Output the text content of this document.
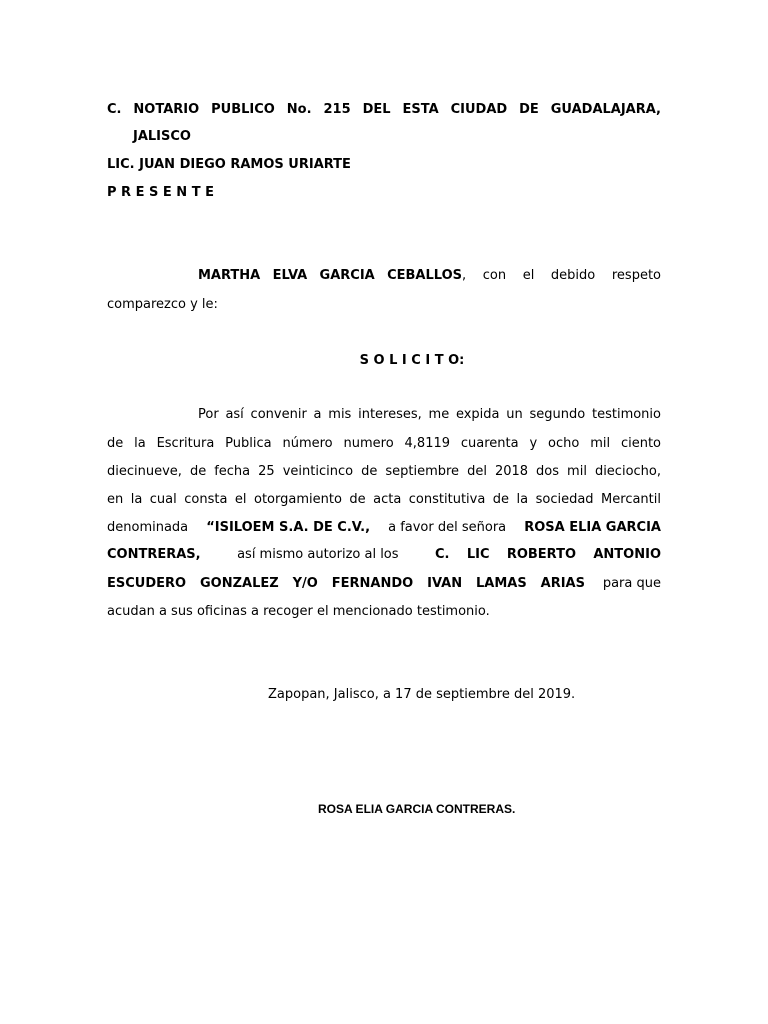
C. NOTARIO PUBLICO No. 215 DEL ESTA CIUDAD DE GUADALAJARA,
JALISCO
LIC. JUAN DIEGO RAMOS URIARTE
P R E S E N T E
MARTHA ELVA GARCIA CEBALLOS , con el debido respeto
comparezco y le:
S O L I C I T O:
Por así convenir a mis intereses, me expida un segundo testimonio
de la Escritura Publica número numero 4,8119 cuarenta y ocho mil ciento
diecinueve, de fecha 25 veinticinco de septiembre del 2018 dos mil dieciocho,
en la cual consta el otorgamiento de acta constitutiva de la sociedad Mercantil
denominada “ISILOEM S.A. DE C.V., a favor del señora ROSA ELIA GARCIA
CONTRERAS,	así mismo autorizo al los	C. LIC ROBERTO ANTONIO
ESCUDERO GONZALEZ Y/O FERNANDO IVAN LAMAS ARIAS para que
acudan a sus oficinas a recoger el mencionado testimonio.
Zapopan, Jalisco, a 17 de septiembre del 2019.
ROSA ELIA GARCIA CONTRERAS.
